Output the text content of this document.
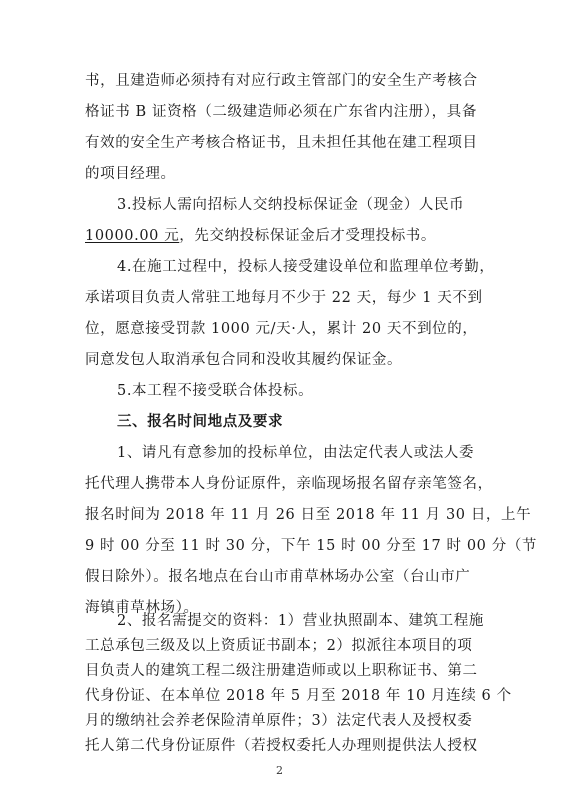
书，且建造师必须持有对应行政主管部门的安全生产考核合
格证书 B 证资格（二级建造师必须在广东省内注册），具备
有效的安全生产考核合格证书，且未担任其他在建工程项目
的项目经理。
3.投标人需向招标人交纳投标保证金（现金）人民币
10000.00 元，先交纳投标保证金后才受理投标书。
4.在施工过程中，投标人接受建设单位和监理单位考勤，
承诺项目负责人常驻工地每月不少于 22 天，每少 1 天不到
位，愿意接受罚款 1000 元/天·人，累计 20 天不到位的，
同意发包人取消承包合同和没收其履约保证金。
5.本工程不接受联合体投标。
三、报名时间地点及要求
1、请凡有意参加的投标单位，由法定代表人或法人委
托代理人携带本人身份证原件，亲临现场报名留存亲笔签名，
报名时间为 2018 年 11 月 26 日至 2018 年 11 月 30 日，上午
9 时 00 分至 11 时 30 分，下午 15 时 00 分至 17 时 00 分（节
假日除外）。报名地点在台山市甫草林场办公室（台山市广
海镇甫草林场）。
2、报名需提交的资料：1）营业执照副本、建筑工程施
工总承包三级及以上资质证书副本；2）拟派往本项目的项
目负责人的建筑工程二级注册建造师或以上职称证书、第二
代身份证、在本单位 2018 年 5 月至 2018 年 10 月连续 6 个
月的缴纳社会养老保险清单原件；3）法定代表人及授权委
托人第二代身份证原件（若授权委托人办理则提供法人授权
2
